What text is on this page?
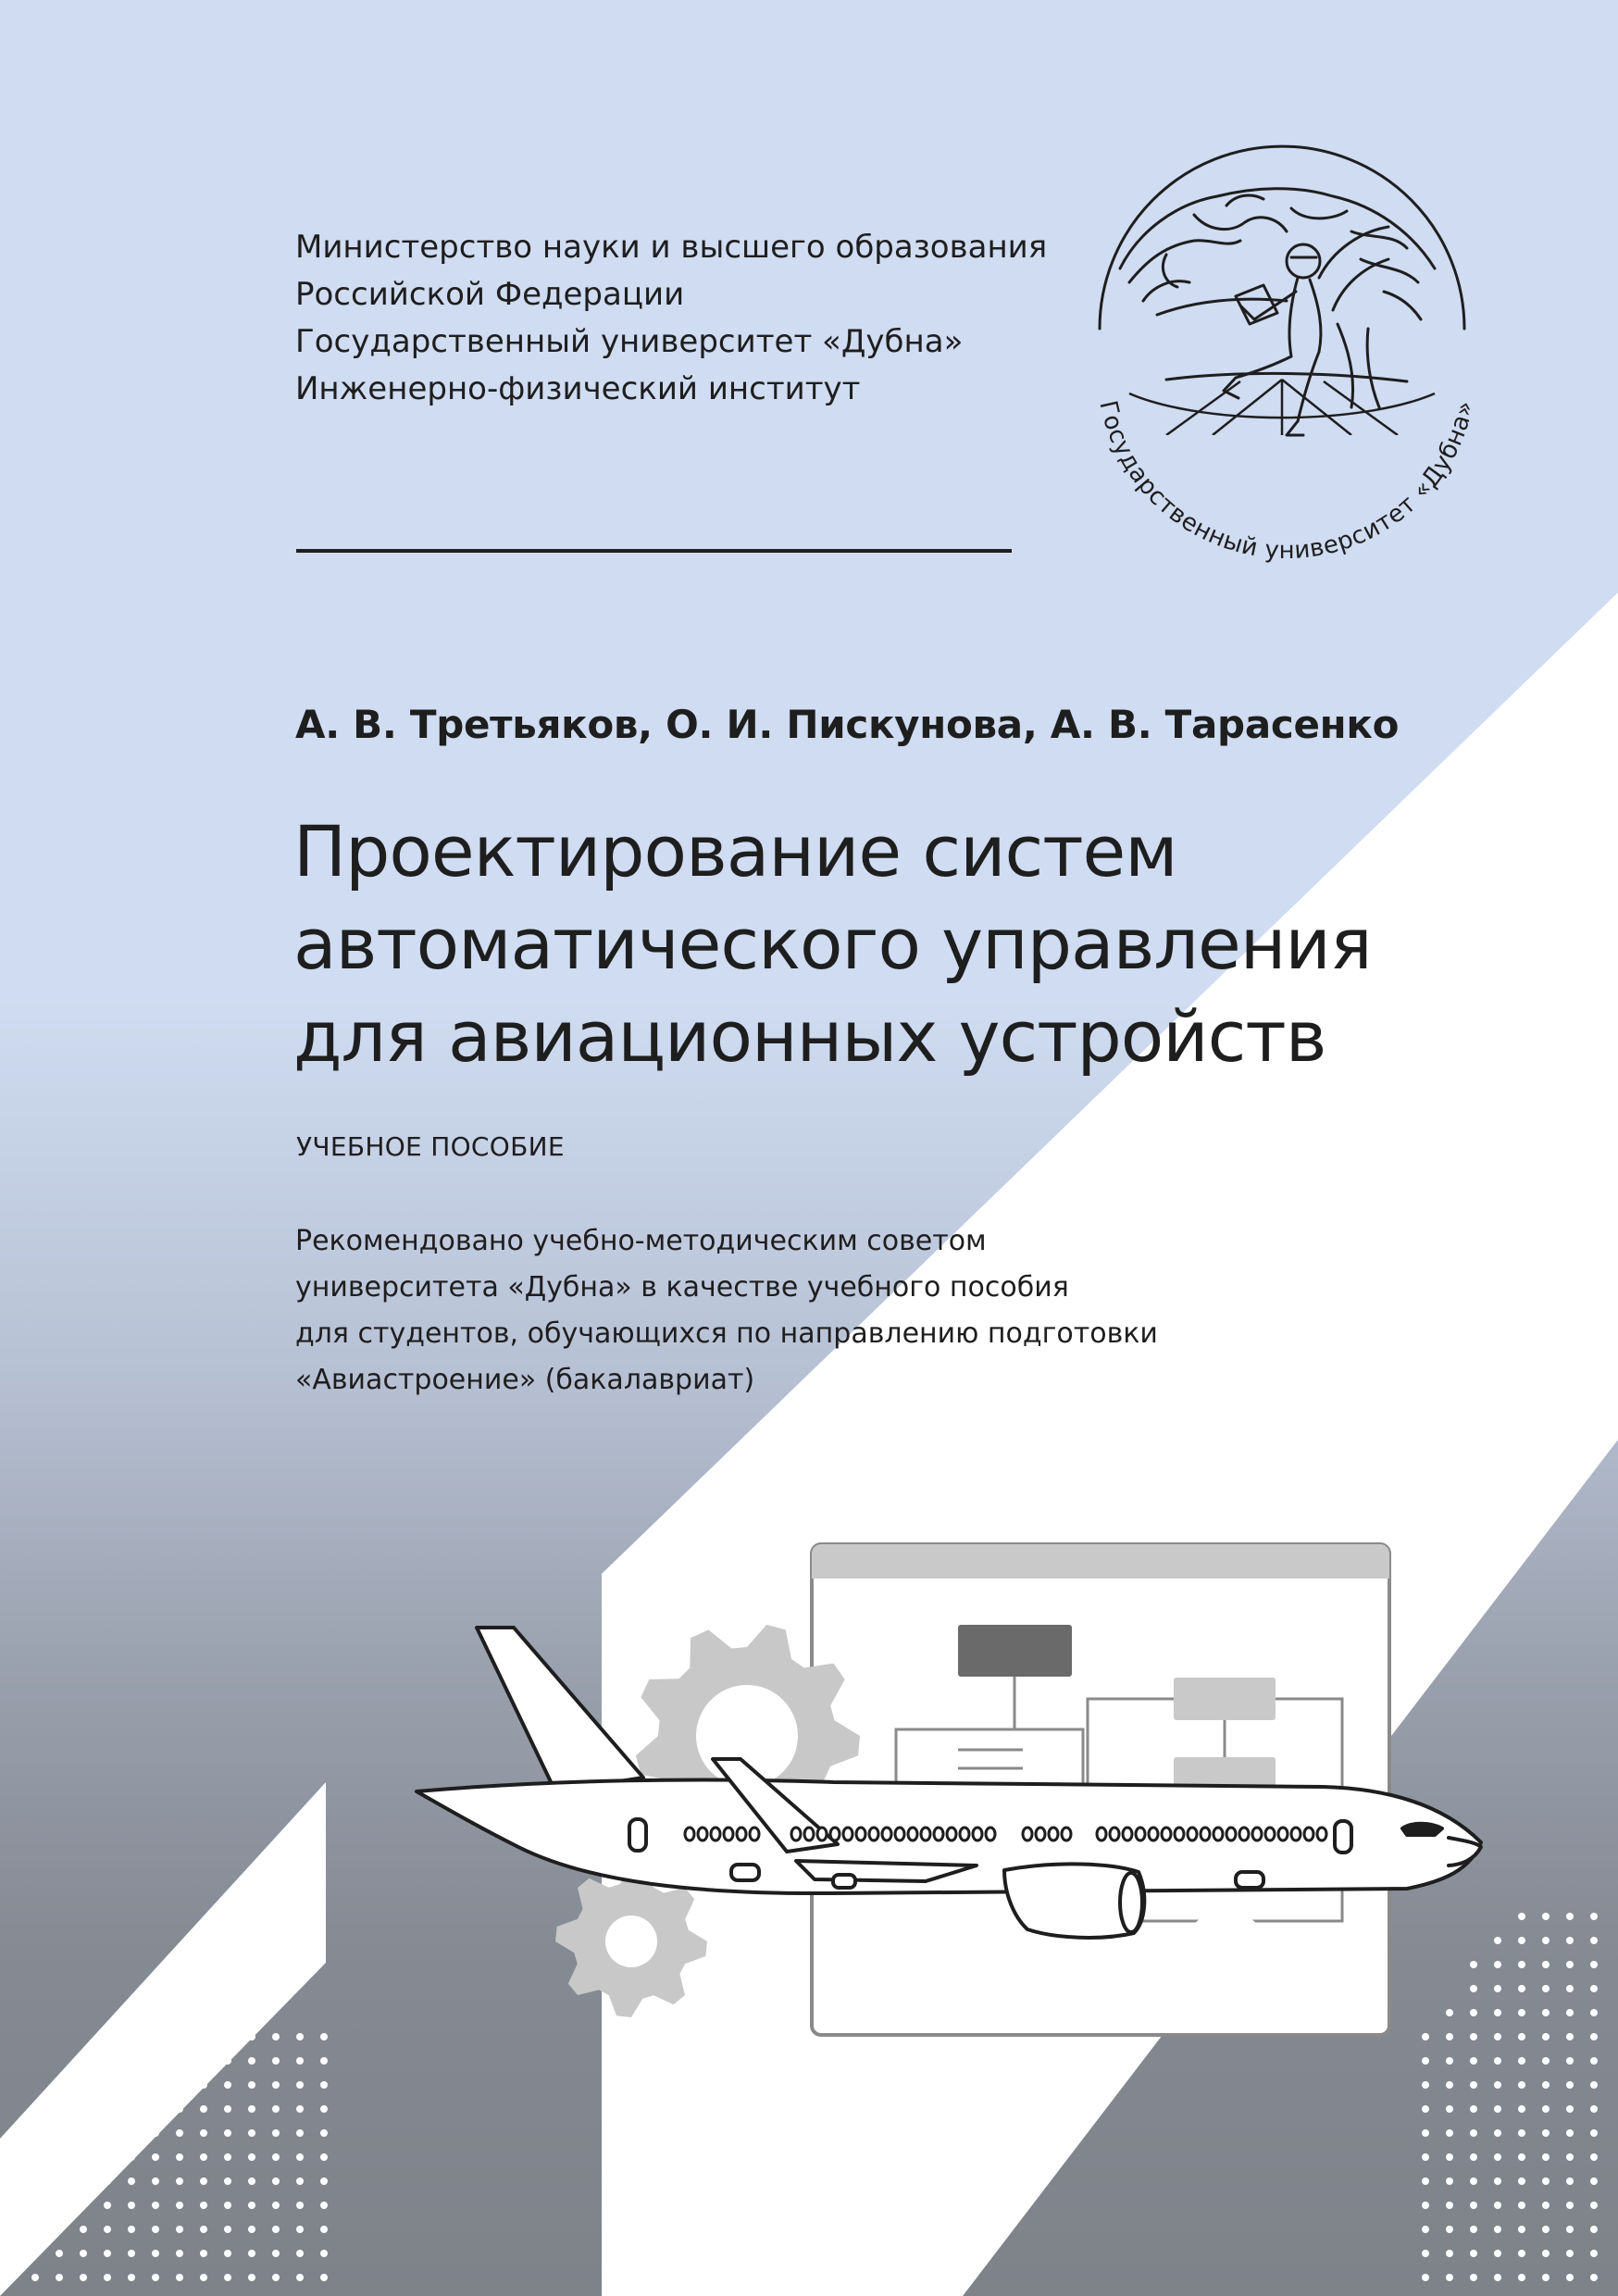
Министерство науки и высшего образования
Российской Федерации
Государственный университет «Дубна»
Инженерно-физический институт
Государственный университет «Дубна»
А. В. Третьяков, О. И. Пискунова, А. В. Тарасенко
Проектирование систем
автоматического управления
для авиационных устройств
УЧЕБНОЕ ПОСОБИЕ
Рекомендовано учебно-методическим советом
университета «Дубна» в качестве учебного пособия
для студентов, обучающихся по направлению подготовки
«Авиастроение» (бакалавриат)
